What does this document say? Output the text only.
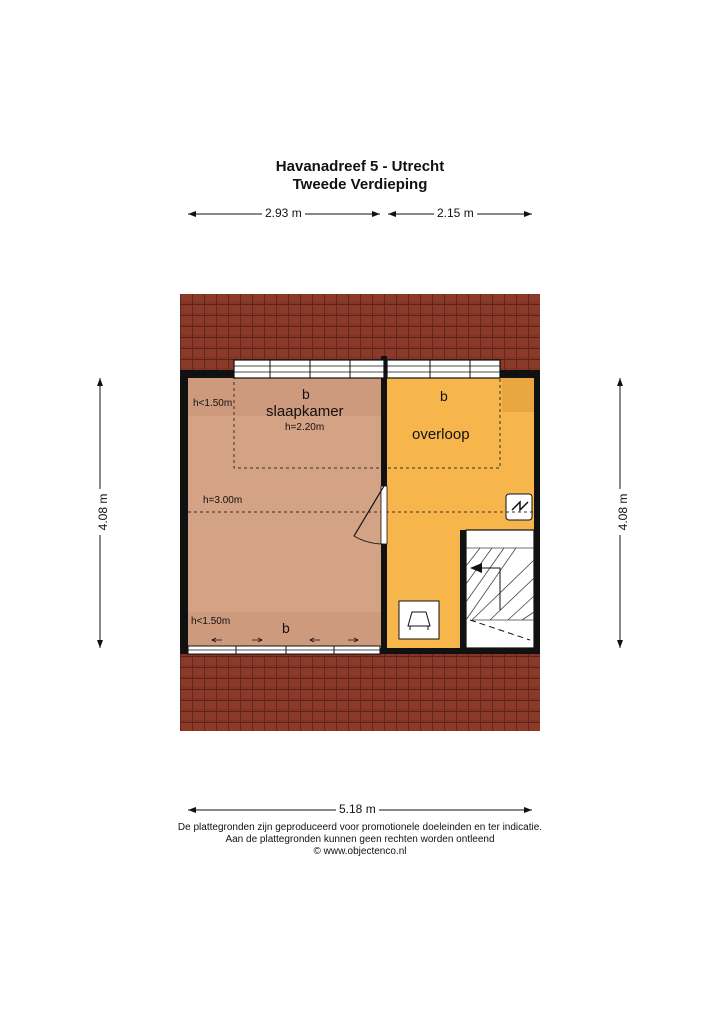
Havanadreef 5 - Utrecht
Tweede Verdieping
b
slaapkamer
h=2.20m
h<1.50m
h=3.00m
h<1.50m	b
b
overloop
2.93 m	2.15 m
4.08 m	4.08 m
5.18 m
De plattegronden zijn geproduceerd voor promotionele doeleinden en ter indicatie.
Aan de plattegronden kunnen geen rechten worden ontleend
© www.objectenco.nl
